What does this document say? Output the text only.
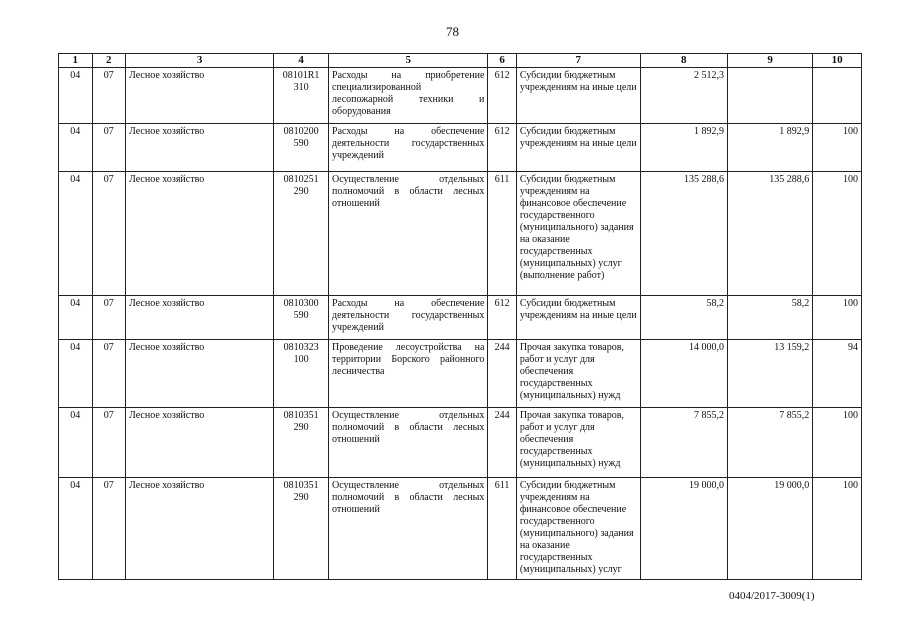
78
1	2	3	4	5	6	7	8	9	10
04	07	Лесное хозяйство	08101R1 310	Расходы на приобретение специализированной лесопожарной техники и оборудования	612	Субсидии бюджетным учреждениям на иные цели	2 512,3		
04	07	Лесное хозяйство	0810200 590	Расходы на обеспечение деятельности государственных учреждений	612	Субсидии бюджетным учреждениям на иные цели	1 892,9	1 892,9	100
04	07	Лесное хозяйство	0810251 290	Осуществление отдельных полномочий в области лесных отношений	611	Субсидии бюджетным учреждениям на финансовое обеспечение государственного (муниципального) задания на оказание государственных (муниципальных) услуг (выполнение работ)	135 288,6	135 288,6	100
04	07	Лесное хозяйство	0810300 590	Расходы на обеспечение деятельности государственных учреждений	612	Субсидии бюджетным учреждениям на иные цели	58,2	58,2	100
04	07	Лесное хозяйство	0810323 100	Проведение лесоустройства на территории Борского районного лесничества	244	Прочая закупка товаров, работ и услуг для обеспечения государственных (муниципальных) нужд	14 000,0	13 159,2	94
04	07	Лесное хозяйство	0810351 290	Осуществление отдельных полномочий в области лесных отношений	244	Прочая закупка товаров, работ и услуг для обеспечения государственных (муниципальных) нужд	7 855,2	7 855,2	100
04	07	Лесное хозяйство	0810351 290	Осуществление отдельных полномочий в области лесных отношений	611	Субсидии бюджетным учреждениям на финансовое обеспечение государственного (муниципального) задания на оказание государственных (муниципальных) услуг	19 000,0	19 000,0	100
0404/2017-3009(1)
